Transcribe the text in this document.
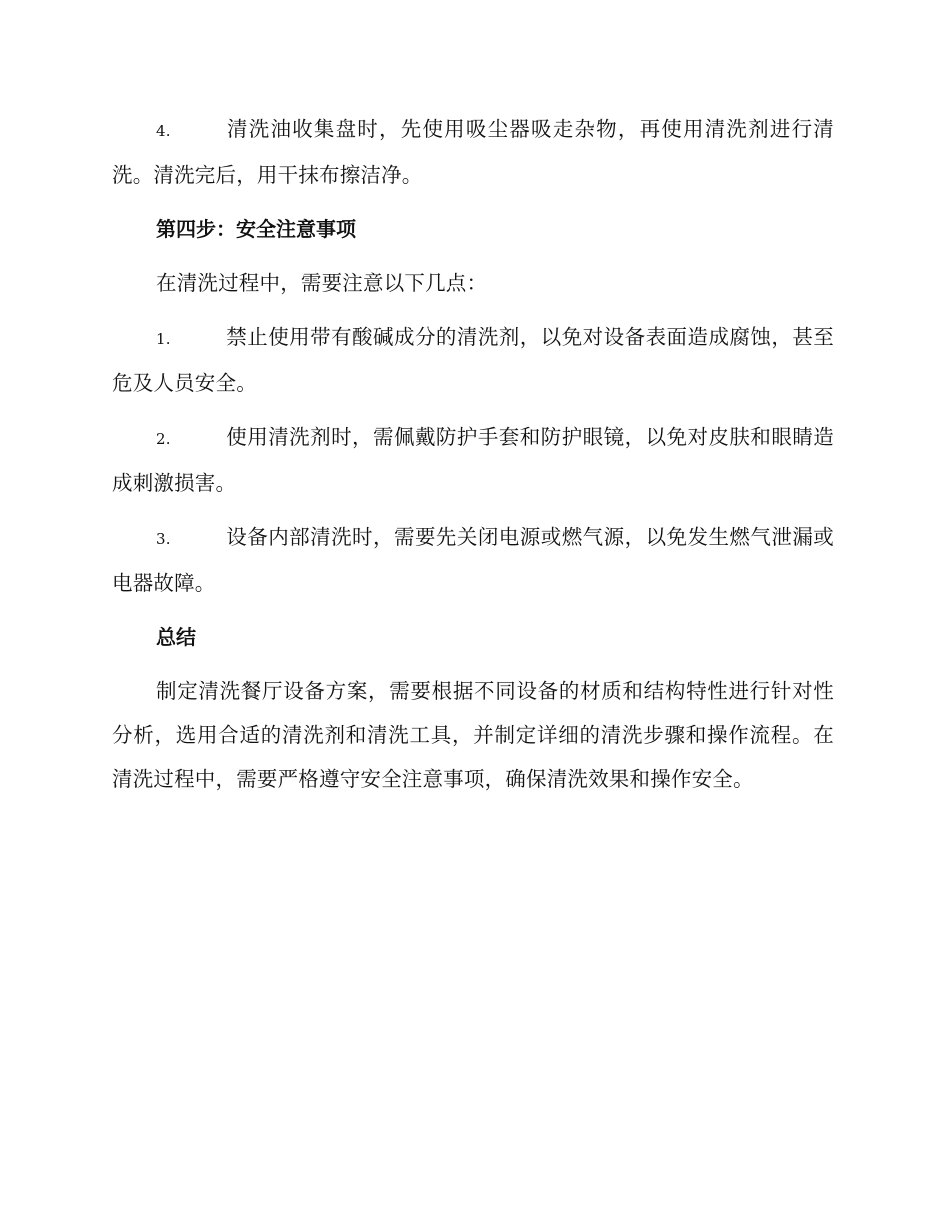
4.	清洗油收集盘时，先使用吸尘器吸走杂物，再使用清洗剂进行清洗。清洗完后，用干抹布擦洁净。

第四步：安全注意事项

在清洗过程中，需要注意以下几点：

1.	禁止使用带有酸碱成分的清洗剂，以免对设备表面造成腐蚀，甚至危及人员安全。

2.	使用清洗剂时，需佩戴防护手套和防护眼镜，以免对皮肤和眼睛造成刺激损害。

3.	设备内部清洗时，需要先关闭电源或燃气源，以免发生燃气泄漏或电器故障。

总结

制定清洗餐厅设备方案，需要根据不同设备的材质和结构特性进行针对性分析，选用合适的清洗剂和清洗工具，并制定详细的清洗步骤和操作流程。在清洗过程中，需要严格遵守安全注意事项，确保清洗效果和操作安全。
